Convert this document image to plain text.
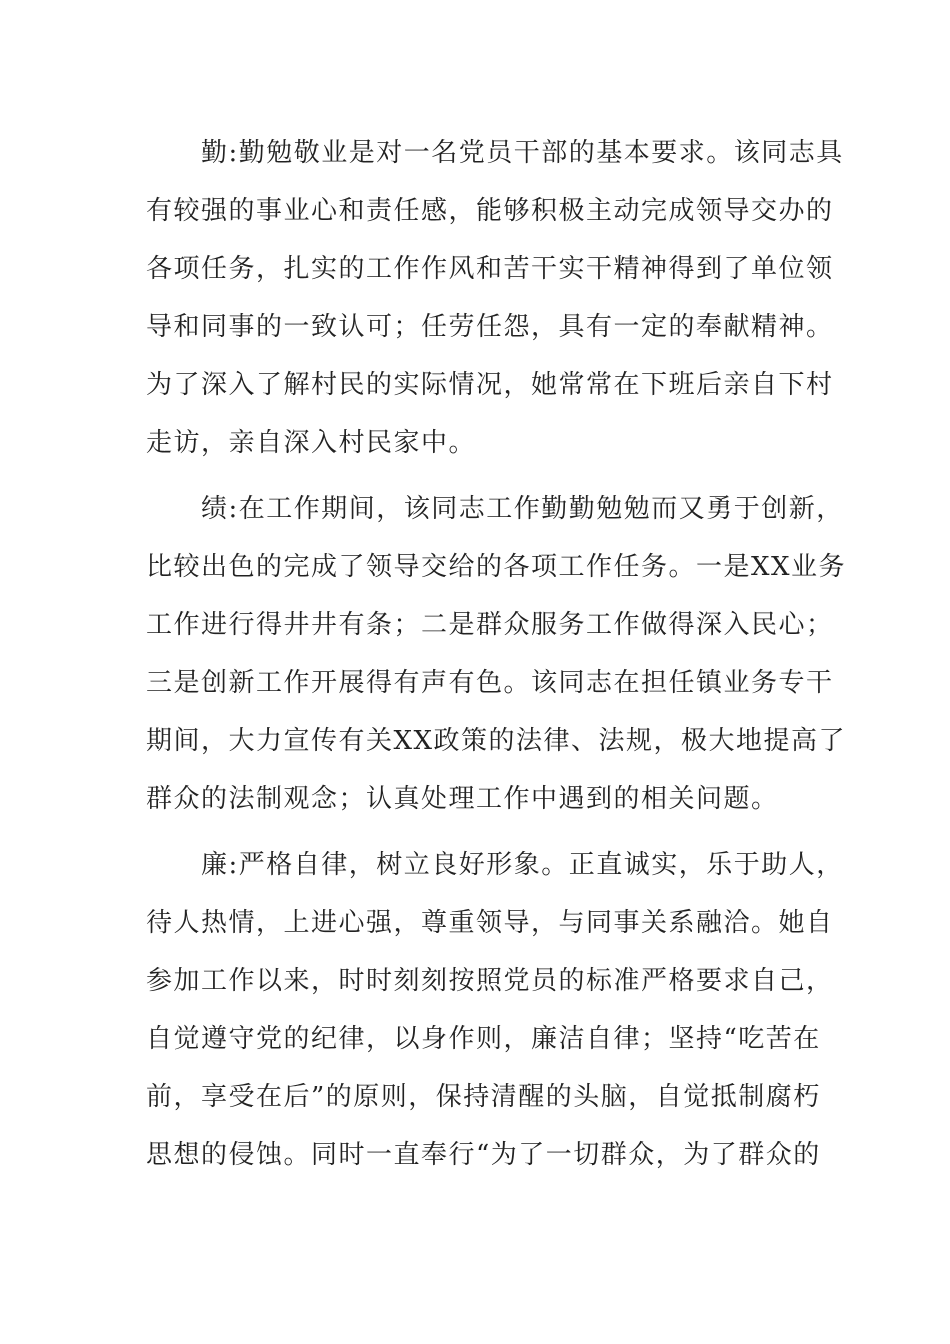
　　勤:勤勉敬业是对一名党员干部的基本要求。该同志具
有较强的事业心和责任感，能够积极主动完成领导交办的
各项任务，扎实的工作作风和苦干实干精神得到了单位领
导和同事的一致认可；任劳任怨，具有一定的奉献精神。
为了深入了解村民的实际情况，她常常在下班后亲自下村
走访，亲自深入村民家中。
　　绩:在工作期间，该同志工作勤勤勉勉而又勇于创新，
比较出色的完成了领导交给的各项工作任务。一是XX业务
工作进行得井井有条；二是群众服务工作做得深入民心；
三是创新工作开展得有声有色。该同志在担任镇业务专干
期间，大力宣传有关XX政策的法律、法规，极大地提高了
群众的法制观念；认真处理工作中遇到的相关问题。
　　廉:严格自律，树立良好形象。正直诚实，乐于助人，
待人热情，上进心强，尊重领导，与同事关系融洽。她自
参加工作以来，时时刻刻按照党员的标准严格要求自己，
自觉遵守党的纪律，以身作则，廉洁自律；坚持“吃苦在
前，享受在后”的原则，保持清醒的头脑，自觉抵制腐朽
思想的侵蚀。同时一直奉行“为了一切群众，为了群众的
